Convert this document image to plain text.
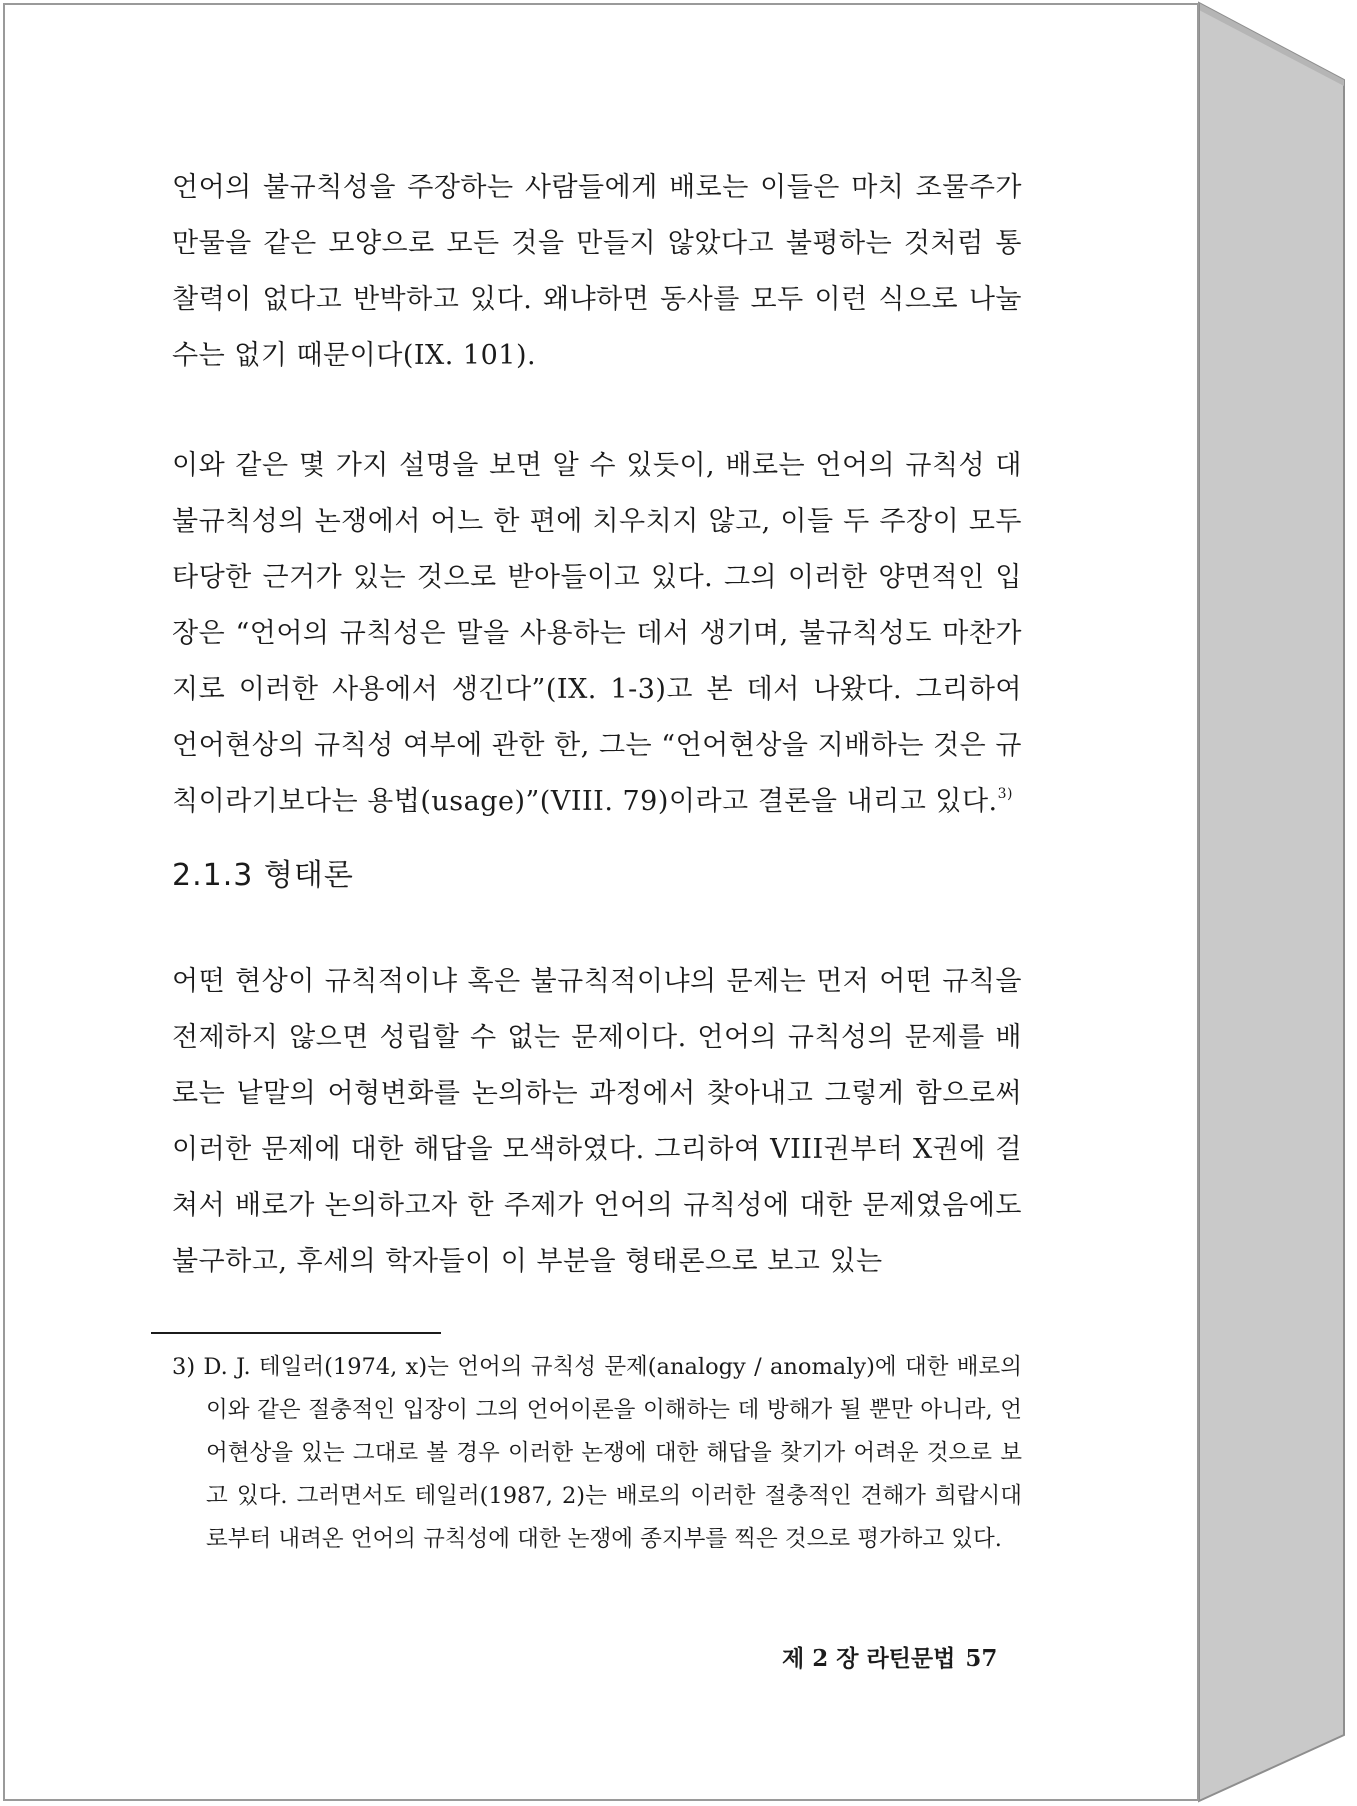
언어의 불규칙성을 주장하는 사람들에게 배로는 이들은 마치 조물주가 만물을 같은 모양으로 모든 것을 만들지 않았다고 불평하는 것처럼 통찰력이 없다고 반박하고 있다. 왜냐하면 동사를 모두 이런 식으로 나눌 수는 없기 때문이다(IX. 101).

이와 같은 몇 가지 설명을 보면 알 수 있듯이, 배로는 언어의 규칙성 대 불규칙성의 논쟁에서 어느 한 편에 치우치지 않고, 이들 두 주장이 모두 타당한 근거가 있는 것으로 받아들이고 있다. 그의 이러한 양면적인 입장은 “언어의 규칙성은 말을 사용하는 데서 생기며, 불규칙성도 마찬가지로 이러한 사용에서 생긴다”(IX. 1-3)고 본 데서 나왔다. 그리하여 언어현상의 규칙성 여부에 관한 한, 그는 “언어현상을 지배하는 것은 규칙이라기보다는 용법(usage)”(VIII. 79)이라고 결론을 내리고 있다.$^{3)}$

2.1.3 형태론

어떤 현상이 규칙적이냐 혹은 불규칙적이냐의 문제는 먼저 어떤 규칙을 전제하지 않으면 성립할 수 없는 문제이다. 언어의 규칙성의 문제를 배로는 낱말의 어형변화를 논의하는 과정에서 찾아내고 그렇게 함으로써 이러한 문제에 대한 해답을 모색하였다. 그리하여 VIII권부터 X권에 걸쳐서 배로가 논의하고자 한 주제가 언어의 규칙성에 대한 문제였음에도 불구하고, 후세의 학자들이 이 부분을 형태론으로 보고 있는

3) D. J. 테일러(1974, x)는 언어의 규칙성 문제(analogy / anomaly)에 대한 배로의 이와 같은 절충적인 입장이 그의 언어이론을 이해하는 데 방해가 될 뿐만 아니라, 언어현상을 있는 그대로 볼 경우 이러한 논쟁에 대한 해답을 찾기가 어려운 것으로 보고 있다. 그러면서도 테일러(1987, 2)는 배로의 이러한 절충적인 견해가 희랍시대로부터 내려온 언어의 규칙성에 대한 논쟁에 종지부를 찍은 것으로 평가하고 있다.

제 2 장 라틴문법 57
